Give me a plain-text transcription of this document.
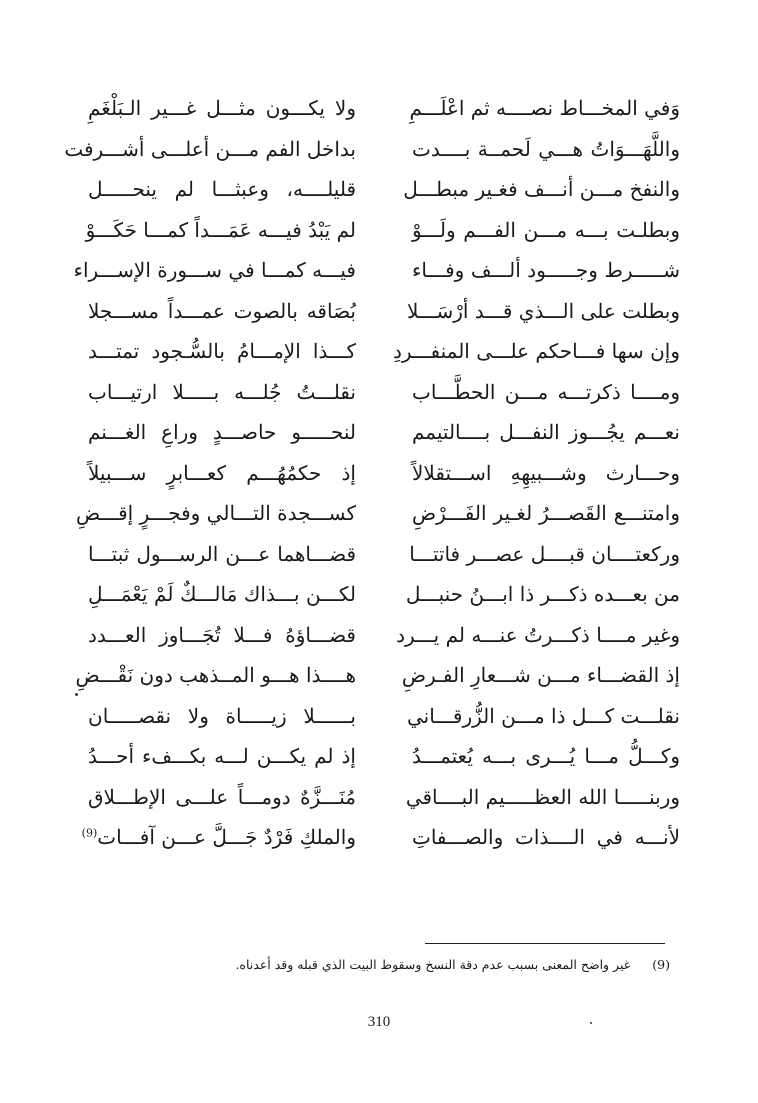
وَفي المخـــاط نصــــه ثم اعْلَـــمِ
ولا يكـــون مثـــل غـــير الـبَلْغَمِ
واللَّهَـــوَاتُ هـــي لَحمــة بــــدت
بداخل الفم مـــن أعلـــى أشـــرفت
والنفخ مـــن أنـــف فغـير مبطـــل
قليلــــه، وعبثـــا لم ينحـــــل
وبطلـت بـــه مـــن الفـــم ولَـــوْ
لم يَبْدُ فيـــه عَمَـــداً كمـــا حَكَـــوْ
شـــــرط وجـــــود ألـــف وفـــاء
فيـــه كمـــا في ســـورة الإســـراء
وبطلت على الـــذي قـــد أرْسَـــلا
بُصَاقه بالصوت عمـــداً مســـجلا
وإن سها فـــاحكم علـــى المنفـــردِ
كـــذا الإمـــامُ بالسُّـجود تمتـــد
ومــــا ذكرتـــه مـــن الحطَّـــاب
نقلـــتُ جُلـــه بـــــلا ارتيـــاب
نعـــم يجُـــوز النفـــل بــــالتيمم
لنحـــــو حاصـــدٍ وراعِ الغـــنم
وحـــارث وشـــبيهِهِ اســـتقلالاً
إذ حكمُهُـــم كعـــابرٍ ســـبيلاً
وامتنـــع القَصـــرُ لغـير الفَـــرْضِ
كســـجدة التـــالي وفجـــرٍ إقـــضِ
وركعتــــان قبــــل عصـــر فاتتـــا
قضـــاهما عـــن الرســـول ثبتـــا
من بعـــده ذكـــر ذا ابـــنُ حنبـــل
لكـــن بـــذاك مَالـــكٌ لَمْ يَعْمَـــلِ
وغير مــــا ذكـــرتُ عنـــه لم يـــرد
قضـــاؤهُ فـــلا تُجَـــاوز العـــدد
إذ القضـــاء مـــن شـــعارِ الفـرضِ
هــــذا هـــو المــذهب دون نَقْـــضِ
نقلـــت كـــل ذا مـــن الزُّرقـــاني
بــــــلا زيـــــاة ولا نقصـــــان
وكـــلُّ مـــا يُـــرى بـــه يُعتمـــدُ
إذ لم يكـــن لـــه بكـــفء أحـــدُ
وربنـــــا الله العظـــــيم البــــاقي
مُنَـــزَّهٌ دومـــاً علـــى الإطـــلاق
لأنـــه في الــــذات والصـــفاتِ
والملكِ فَرْدٌ جَـــلَّ عـــن آفـــات$^{(9)}$
(9)
غير واضح المعنى بسبب عدم دقة النسخ وسقوط البيت الذي قبله وقد أعدناه.
310
